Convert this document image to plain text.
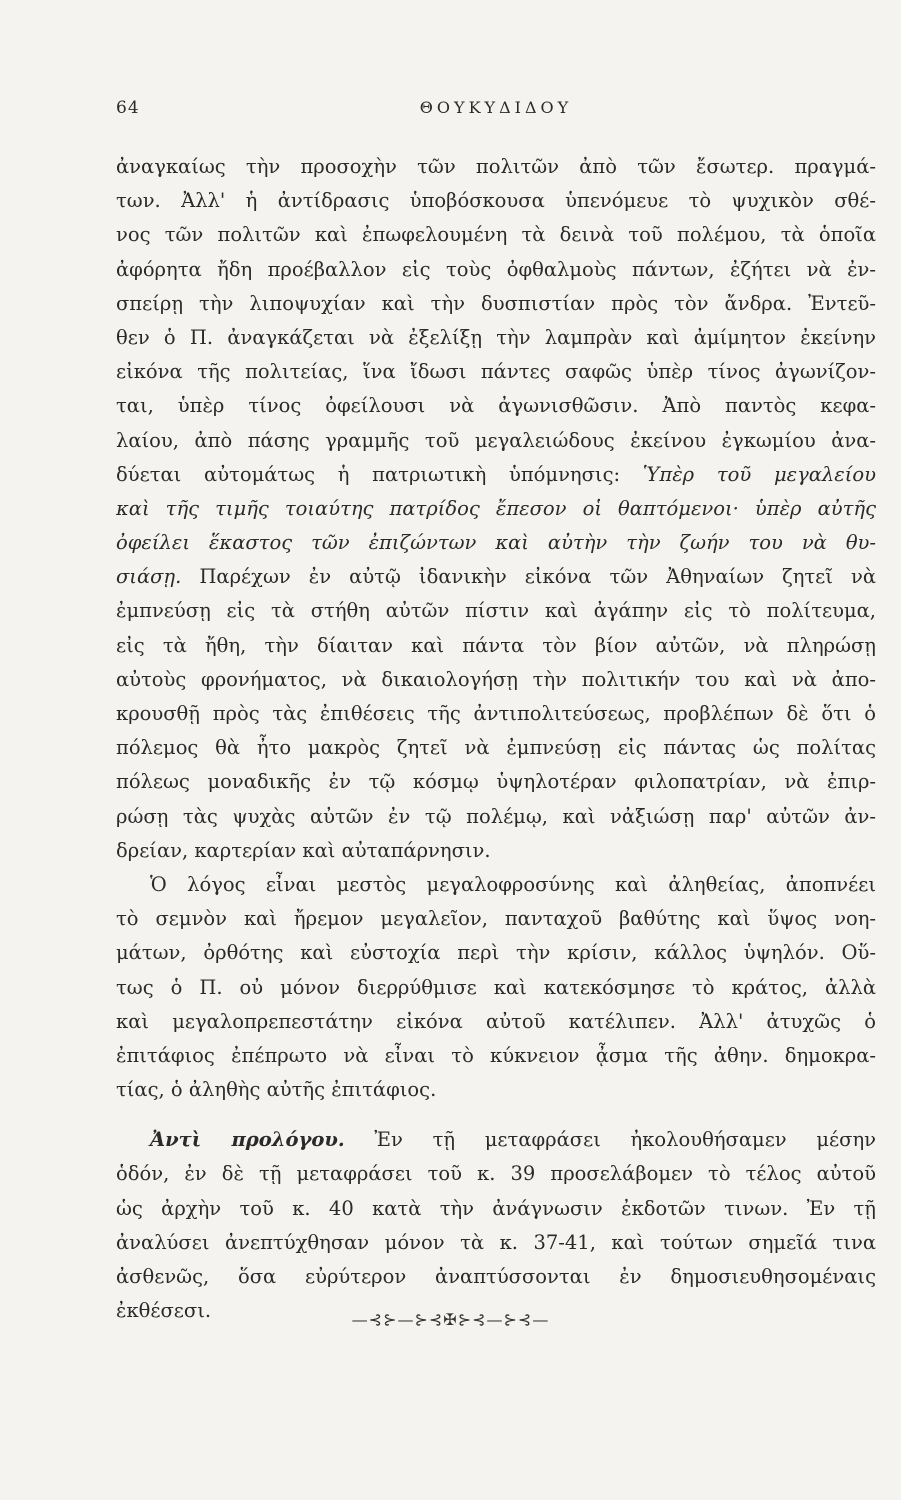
64	ΘΟΥΚΥΔΙΔΟΥ
ἀναγκαίως τὴν προσοχὴν τῶν πολιτῶν ἀπὸ τῶν ἔσωτερ. πραγμά-
των. Ἀλλ' ἡ ἀντίδρασις ὑποβόσκουσα ὑπενόμευε τὸ ψυχικὸν σθέ-
νος τῶν πολιτῶν καὶ ἐπωφελουμένη τὰ δεινὰ τοῦ πολέμου, τὰ ὁποῖα
ἀφόρητα ἤδη προέβαλλον εἰς τοὺς ὀφθαλμοὺς πάντων, ἐζήτει νὰ ἐν-
σπείρῃ τὴν λιποψυχίαν καὶ τὴν δυσπιστίαν πρὸς τὸν ἄνδρα. Ἐντεῦ-
θεν ὁ Π. ἀναγκάζεται νὰ ἐξελίξῃ τὴν λαμπρὰν καὶ ἀμίμητον ἐκείνην
εἰκόνα τῆς πολιτείας, ἵνα ἴδωσι πάντες σαφῶς ὑπὲρ τίνος ἀγωνίζον-
ται, ὑπὲρ τίνος ὀφείλουσι νὰ ἀγωνισθῶσιν. Ἀπὸ παντὸς κεφα-
λαίου, ἀπὸ πάσης γραμμῆς τοῦ μεγαλειώδους ἐκείνου ἐγκωμίου ἀνα-
δύεται αὐτομάτως ἡ πατριωτικὴ ὑπόμνησις: Ὑπὲρ τοῦ μεγαλείου
καὶ τῆς τιμῆς τοιαύτης πατρίδος ἔπεσον οἱ θαπτόμενοι· ὑπὲρ αὐτῆς
ὀφείλει ἕκαστος τῶν ἐπιζώντων καὶ αὐτὴν τὴν ζωήν του νὰ θυ-
σιάσῃ. Παρέχων ἐν αὐτῷ ἰδανικὴν εἰκόνα τῶν Ἀθηναίων ζητεῖ νὰ
ἐμπνεύσῃ εἰς τὰ στήθη αὐτῶν πίστιν καὶ ἀγάπην εἰς τὸ πολίτευμα,
εἰς τὰ ἤθη, τὴν δίαιταν καὶ πάντα τὸν βίον αὐτῶν, νὰ πληρώσῃ
αὐτοὺς φρονήματος, νὰ δικαιολογήσῃ τὴν πολιτικήν του καὶ νὰ ἀπο-
κρουσθῇ πρὸς τὰς ἐπιθέσεις τῆς ἀντιπολιτεύσεως, προβλέπων δὲ ὅτι ὁ
πόλεμος θὰ ἦτο μακρὸς ζητεῖ νὰ ἐμπνεύσῃ εἰς πάντας ὡς πολίτας
πόλεως μοναδικῆς ἐν τῷ κόσμῳ ὑψηλοτέραν φιλοπατρίαν, νὰ ἐπιρ-
ρώσῃ τὰς ψυχὰς αὐτῶν ἐν τῷ πολέμῳ, καὶ νἀξιώσῃ παρ' αὐτῶν ἀν-
δρείαν, καρτερίαν καὶ αὐταπάρνησιν.
Ὁ λόγος εἶναι μεστὸς μεγαλοφροσύνης καὶ ἀληθείας, ἀποπνέει
τὸ σεμνὸν καὶ ἤρεμον μεγαλεῖον, πανταχοῦ βαθύτης καὶ ὕψος νοη-
μάτων, ὀρθότης καὶ εὐστοχία περὶ τὴν κρίσιν, κάλλος ὑψηλόν. Οὕ-
τως ὁ Π. οὐ μόνον διερρύθμισε καὶ κατεκόσμησε τὸ κράτος, ἀλλὰ
καὶ μεγαλοπρεπεστάτην εἰκόνα αὐτοῦ κατέλιπεν. Ἀλλ' ἀτυχῶς ὁ
ἐπιτάφιος ἐπέπρωτο νὰ εἶναι τὸ κύκνειον ᾆσμα τῆς ἀθην. δημοκρα-
τίας, ὁ ἀληθὴς αὐτῆς ἐπιτάφιος.
Ἀντὶ προλόγου. Ἐν τῇ μεταφράσει ἠκολουθήσαμεν μέσην
ὁδόν, ἐν δὲ τῇ μεταφράσει τοῦ κ. 39 προσελάβομεν τὸ τέλος αὐτοῦ
ὡς ἀρχὴν τοῦ κ. 40 κατὰ τὴν ἀνάγνωσιν ἐκδοτῶν τινων. Ἐν τῇ
ἀναλύσει ἀνεπτύχθησαν μόνον τὰ κ. 37-41, καὶ τούτων σημεῖά τινα
ἀσθενῶς, ὅσα εὐρύτερον ἀναπτύσσονται ἐν δημοσιευθησομέναις
ἐκθέσεσι.	—⊰⊱—⊱⊰✠⊱⊰—⊱⊰—
